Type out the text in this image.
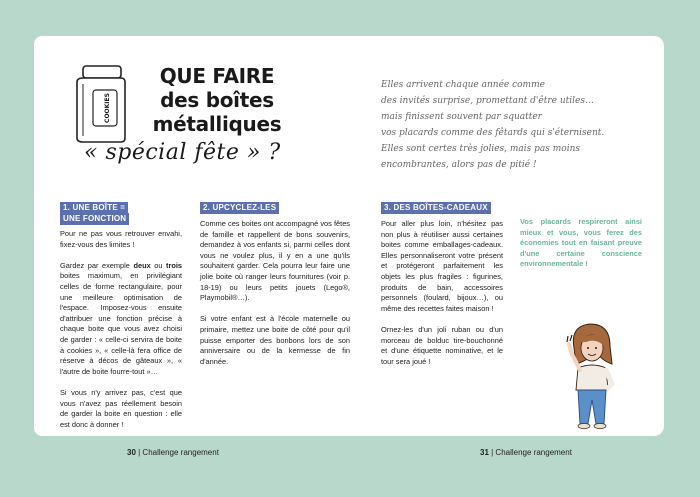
COOKIES
QUE FAIRE
des boîtes
métalliques
« spécial fête » ?
Elles arrivent chaque année comme
des invités surprise, promettant d'être utiles…
mais finissent souvent par squatter
vos placards comme des fêtards qui s'éternisent.
Elles sont certes très jolies, mais pas moins
encombrantes, alors pas de pitié !
1. UNE BOÎTE =
UNE FONCTION

Pour ne pas vous retrouver envahi, fixez-vous des limites !

Gardez par exemple deux ou trois boites maximum, en privilégiant celles de forme rectangulaire, pour une meilleure optimisation de l'espace. Imposez-vous ensuite d'attribuer une fonction précise à chaque boite que vous avez choisi de garder : « celle-ci servira de boite à cookies », « celle-là fera office de réserve à décos de gâteaux », « l'autre de boite fourre-tout »…

Si vous n'y arrivez pas, c'est que vous n'avez pas réellement besoin de garder la boite en question : elle est donc à donner !

2. UPCYCLEZ-LES

Comme ces boites ont accompagné vos fêtes de famille et rappellent de bons souvenirs, demandez à vos enfants si, parmi celles dont vous ne voulez plus, il y en a une qu'ils souhaitent garder. Cela pourra leur faire une jolie boite où ranger leurs fournitures (voir p. 18-19) ou leurs petits jouets (Lego®, Playmobil®…).

Si votre enfant est à l'école maternelle ou primaire, mettez une boite de côté pour qu'il puisse emporter des bonbons lors de son anniversaire ou de la kermesse de fin d'année.

3. DES BOÎTES-CADEAUX

Pour aller plus loin, n'hésitez pas non plus à réutiliser aussi certaines boites comme emballages-cadeaux. Elles personnaliseront votre présent et protégeront parfaitement les objets les plus fragiles : figurines, produits de bain, accessoires personnels (foulard, bijoux…), ou même des recettes faites maison !

Ornez-les d'un joli ruban ou d'un morceau de bolduc tire-bouchonné et d'une étiquette nominative, et le tour sera joué !

Vos placards respireront ainsi mieux et vous, vous ferez des économies tout en faisant preuve d'une certaine conscience environnementale !
30 | Challenge rangement	31 | Challenge rangement
